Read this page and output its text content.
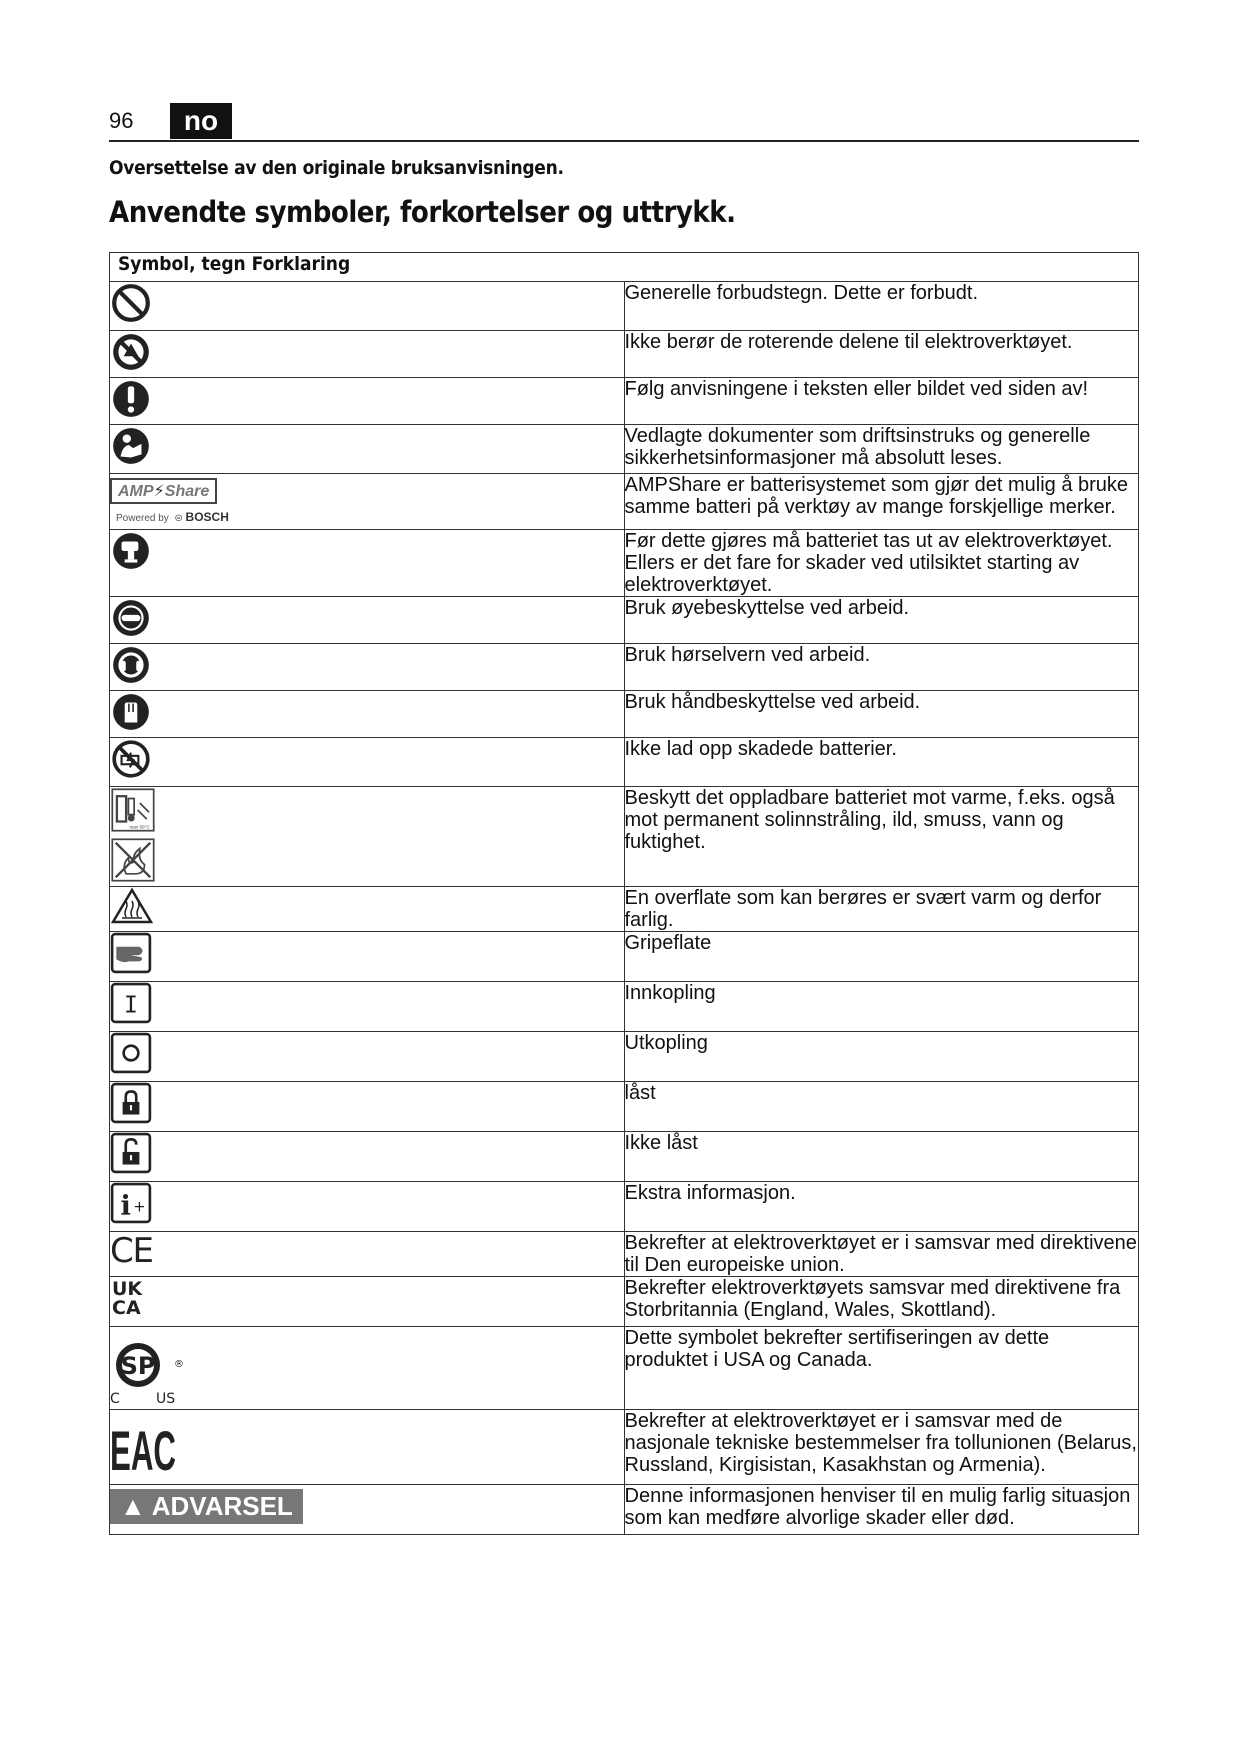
96	no
Oversettelse av den originale bruksanvisningen.
Anvendte symboler, forkortelser og uttrykk.
Symbol, tegn Forklaring	

	Generelle forbudstegn. Dette er forbudt.

	Ikke berør de roterende delene til elektroverktøyet.

	Følg anvisningene i teksten eller bildet ved siden av!

	Vedlagte dokumenter som driftsinstruks og generelle sikkerhetsinformasjoner må absolutt leses.

AMP⚡Share
Powered by  ⊜ BOSCH	AMPShare er batterisystemet som gjør det mulig å bruke samme batteri på verktøy av mange forskjellige merker.

	Før dette gjøres må batteriet tas ut av elektroverktøyet. Ellers er det fare for skader ved utilsiktet starting av elektroverktøyet.

	Bruk øyebeskyttelse ved arbeid.

	Bruk hørselvern ved arbeid.

	Bruk håndbeskyttelse ved arbeid.

	Ikke lad opp skadede batterier.

max 50°C	Beskytt det oppladbare batteriet mot varme, f.eks. også mot permanent solinnstråling, ild, smuss, vann og fuktighet.

	En overflate som kan berøres er svært varm og derfor farlig.

	Gripeflate

I	Innkopling

	Utkopling

	låst

	Ikke låst

i +	Ekstra informasjon.

CE	Bekrefter at elektroverktøyet er i samsvar med direktivene til Den europeiske union.

UK
CA	Bekrefter elektroverktøyets samsvar med direktivene fra Storbritannia (England, Wales, Skottland).

SP ®
C US	Dette symbolet bekrefter sertifiseringen av dette produktet i USA og Canada.

EAC	Bekrefter at elektroverktøyet er i samsvar med de nasjonale tekniske bestemmelser fra tollunionen (Belarus, Russland, Kirgisistan, Kasakhstan og Armenia).

▲ ADVARSEL	Denne informasjonen henviser til en mulig farlig situasjon som kan medføre alvorlige skader eller død.
